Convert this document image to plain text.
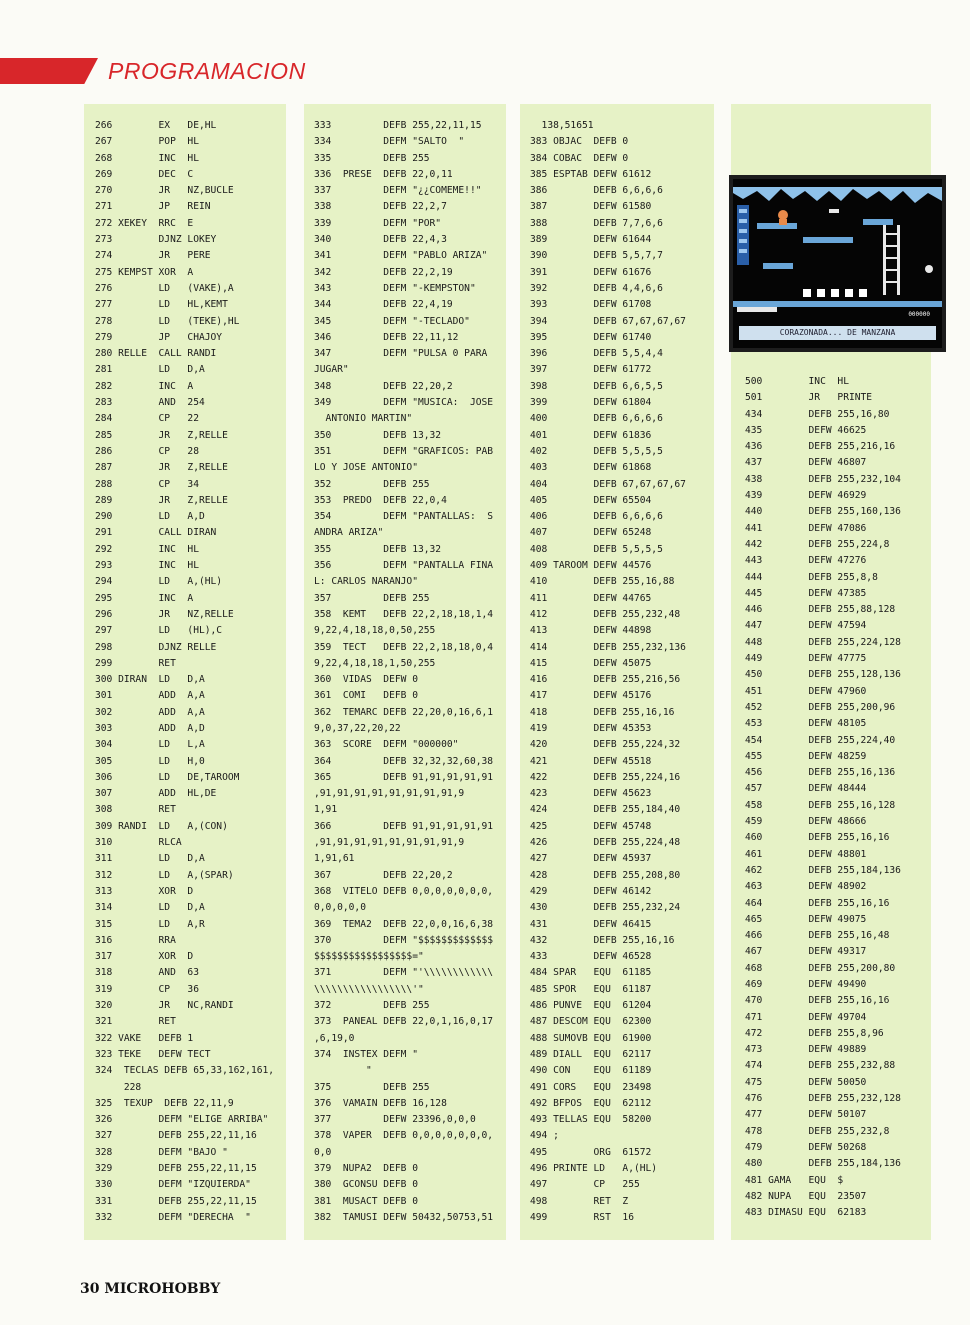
PROGRAMACION
266        EX   DE,HL
267        POP  HL
268        INC  HL
269        DEC  C
270        JR   NZ,BUCLE
271        JP   REIN
272 XEKEY  RRC  E
273        DJNZ LOKEY
274        JR   PERE
275 KEMPST XOR  A
276        LD   (VAKE),A
277        LD   HL,KEMT
278        LD   (TEKE),HL
279        JP   CHAJOY
280 RELLE  CALL RANDI
281        LD   D,A
282        INC  A
283        AND  254
284        CP   22
285        JR   Z,RELLE
286        CP   28
287        JR   Z,RELLE
288        CP   34
289        JR   Z,RELLE
290        LD   A,D
291        CALL DIRAN
292        INC  HL
293        INC  HL
294        LD   A,(HL)
295        INC  A
296        JR   NZ,RELLE
297        LD   (HL),C
298        DJNZ RELLE
299        RET
300 DIRAN  LD   D,A
301        ADD  A,A
302        ADD  A,A
303        ADD  A,D
304        LD   L,A
305        LD   H,0
306        LD   DE,TAROOM
307        ADD  HL,DE
308        RET
309 RANDI  LD   A,(CON)
310        RLCA
311        LD   D,A
312        LD   A,(SPAR)
313        XOR  D
314        LD   D,A
315        LD   A,R
316        RRA
317        XOR  D
318        AND  63
319        CP   36
320        JR   NC,RANDI
321        RET
322 VAKE   DEFB 1
323 TEKE   DEFW TECT
324  TECLAS DEFB 65,33,162,161,
228
325  TEXUP  DEFB 22,11,9
326        DEFM "ELIGE ARRIBA"
327        DEFB 255,22,11,16
328        DEFM "BAJO "
329        DEFB 255,22,11,15
330        DEFM "IZQUIERDA"
331        DEFB 255,22,11,15
332        DEFM "DERECHA  "
333         DEFB 255,22,11,15
334         DEFM "SALTO  "
335         DEFB 255
336  PRESE  DEFB 22,0,11
337         DEFM "¿¿COMEME!!"
338         DEFB 22,2,7
339         DEFM "POR"
340         DEFB 22,4,3
341         DEFM "PABLO ARIZA"
342         DEFB 22,2,19
343         DEFM "-KEMPSTON"
344         DEFB 22,4,19
345         DEFM "-TECLADO"
346         DEFB 22,11,12
347         DEFM "PULSA 0 PARA
JUGAR"
348         DEFB 22,20,2
349         DEFM "MUSICA:  JOSE
ANTONIO MARTIN"
350         DEFB 13,32
351         DEFM "GRAFICOS: PAB
LO Y JOSE ANTONIO"
352         DEFB 255
353  PREDO  DEFB 22,0,4
354         DEFM "PANTALLAS:  S
ANDRA ARIZA"
355         DEFB 13,32
356         DEFM "PANTALLA FINA
L: CARLOS NARANJO"
357         DEFB 255
358  KEMT   DEFB 22,2,18,18,1,4
9,22,4,18,18,0,50,255
359  TECT   DEFB 22,2,18,18,0,4
9,22,4,18,18,1,50,255
360  VIDAS  DEFW 0
361  COMI   DEFB 0
362  TEMARC DEFB 22,20,0,16,6,1
9,0,37,22,20,22
363  SCORE  DEFM "000000"
364         DEFB 32,32,32,60,38
365         DEFB 91,91,91,91,91
,91,91,91,91,91,91,91,91,9
1,91
366         DEFB 91,91,91,91,91
,91,91,91,91,91,91,91,91,9
1,91,61
367         DEFB 22,20,2
368  VITELO DEFB 0,0,0,0,0,0,0,
0,0,0,0,0
369  TEMA2  DEFB 22,0,0,16,6,38
370         DEFM "$$$$$$$$$$$$$
$$$$$$$$$$$$$$$$$="
371         DEFM "'\\\\\\\\\\\\
\\\\\\\\\\\\\\\\\'"
372         DEFB 255
373  PANEAL DEFB 22,0,1,16,0,17
,6,19,0
374  INSTEX DEFM "
"
375         DEFB 255
376  VAMAIN DEFB 16,128
377         DEFW 23396,0,0,0
378  VAPER  DEFB 0,0,0,0,0,0,0,
0,0
379  NUPA2  DEFB 0
380  GCONSU DEFB 0
381  MUSACT DEFB 0
382  TAMUSI DEFW 50432,50753,51
138,51651
383 OBJAC  DEFB 0
384 COBAC  DEFW 0
385 ESPTAB DEFW 61612
386        DEFB 6,6,6,6
387        DEFW 61580
388        DEFB 7,7,6,6
389        DEFW 61644
390        DEFB 5,5,7,7
391        DEFW 61676
392        DEFB 4,4,6,6
393        DEFW 61708
394        DEFB 67,67,67,67
395        DEFW 61740
396        DEFB 5,5,4,4
397        DEFW 61772
398        DEFB 6,6,5,5
399        DEFW 61804
400        DEFB 6,6,6,6
401        DEFW 61836
402        DEFB 5,5,5,5
403        DEFW 61868
404        DEFB 67,67,67,67
405        DEFW 65504
406        DEFB 6,6,6,6
407        DEFW 65248
408        DEFB 5,5,5,5
409 TAROOM DEFW 44576
410        DEFB 255,16,88
411        DEFW 44765
412        DEFB 255,232,48
413        DEFW 44898
414        DEFB 255,232,136
415        DEFW 45075
416        DEFB 255,216,56
417        DEFW 45176
418        DEFB 255,16,16
419        DEFW 45353
420        DEFB 255,224,32
421        DEFW 45518
422        DEFB 255,224,16
423        DEFW 45623
424        DEFB 255,184,40
425        DEFW 45748
426        DEFB 255,224,48
427        DEFW 45937
428        DEFB 255,208,80
429        DEFW 46142
430        DEFB 255,232,24
431        DEFW 46415
432        DEFB 255,16,16
433        DEFW 46528
484 SPAR   EQU  61185
485 SPOR   EQU  61187
486 PUNVE  EQU  61204
487 DESCOM EQU  62300
488 SUMOVB EQU  61900
489 DIALL  EQU  62117
490 CON    EQU  61189
491 CORS   EQU  23498
492 BFPOS  EQU  62112
493 TELLAS EQU  58200
494 ;
495        ORG  61572
496 PRINTE LD   A,(HL)
497        CP   255
498        RET  Z
499        RST  16
500        INC  HL
501        JR   PRINTE
434        DEFB 255,16,80
435        DEFW 46625
436        DEFB 255,216,16
437        DEFW 46807
438        DEFB 255,232,104
439        DEFW 46929
440        DEFB 255,160,136
441        DEFW 47086
442        DEFB 255,224,8
443        DEFW 47276
444        DEFB 255,8,8
445        DEFW 47385
446        DEFB 255,88,128
447        DEFW 47594
448        DEFB 255,224,128
449        DEFW 47775
450        DEFB 255,128,136
451        DEFW 47960
452        DEFB 255,200,96
453        DEFW 48105
454        DEFB 255,224,40
455        DEFW 48259
456        DEFB 255,16,136
457        DEFW 48444
458        DEFB 255,16,128
459        DEFW 48666
460        DEFB 255,16,16
461        DEFW 48801
462        DEFB 255,184,136
463        DEFW 48902
464        DEFB 255,16,16
465        DEFW 49075
466        DEFB 255,16,48
467        DEFW 49317
468        DEFB 255,200,80
469        DEFW 49490
470        DEFB 255,16,16
471        DEFW 49704
472        DEFB 255,8,96
473        DEFW 49889
474        DEFB 255,232,88
475        DEFW 50050
476        DEFB 255,232,128
477        DEFW 50107
478        DEFB 255,232,8
479        DEFW 50268
480        DEFB 255,184,136
481 GAMA   EQU  $
482 NUPA   EQU  23507
483 DIMASU EQU  62183
000000
CORAZONADA... DE MANZANA
30 MICROHOBBY
